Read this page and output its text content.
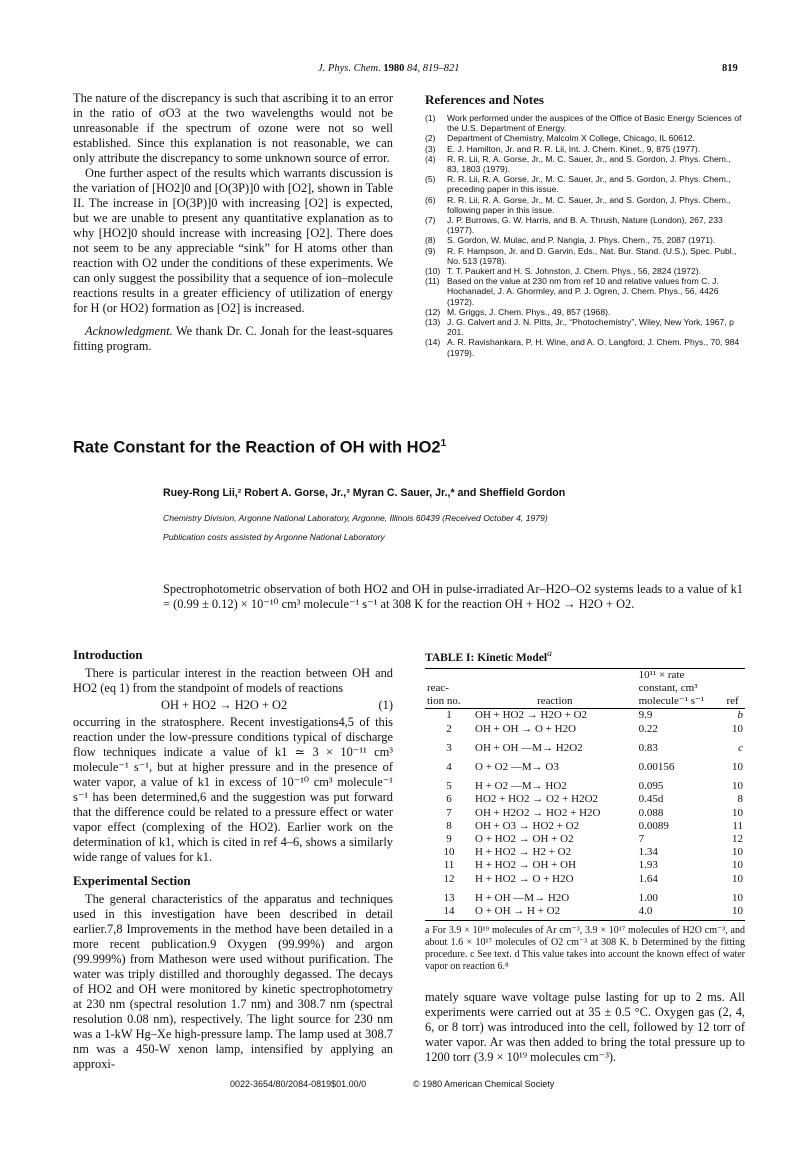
J. Phys. Chem. 1980 84, 819–821	819

The nature of the discrepancy is such that ascribing it to an error in the ratio of σO3 at the two wavelengths would not be unreasonable if the spectrum of ozone were not so well established. Since this explanation is not reasonable, we can only attribute the discrepancy to some unknown source of error.

One further aspect of the results which warrants discussion is the variation of [HO2]0 and [O(3P)]0 with [O2], shown in Table II. The increase in [O(3P)]0 with increasing [O2] is expected, but we are unable to present any quantitative explanation as to why [HO2]0 should increase with increasing [O2]. There does not seem to be any appreciable “sink” for H atoms other than reaction with O2 under the conditions of these experiments. We can only suggest the possibility that a sequence of ion–molecule reactions results in a greater efficiency of utilization of energy for H (or HO2) formation as [O2] is increased.

Acknowledgment. We thank Dr. C. Jonah for the least-squares fitting program.

References and Notes
(1)	Work performed under the auspices of the Office of Basic Energy Sciences of the U.S. Department of Energy.
(2)	Department of Chemistry, Malcolm X College, Chicago, IL 60612.
(3)	E. J. Hamilton, Jr. and R. R. Lii, Int. J. Chem. Kinet., 9, 875 (1977).
(4)	R. R. Lii, R. A. Gorse, Jr., M. C. Sauer, Jr., and S. Gordon, J. Phys. Chem., 83, 1803 (1979).
(5)	R. R. Lii, R. A. Gorse, Jr., M. C. Sauer, Jr., and S. Gordon, J. Phys. Chem., preceding paper in this issue.
(6)	R. R. Lii, R. A. Gorse, Jr., M. C. Sauer, Jr., and S. Gordon, J. Phys. Chem., following paper in this issue.
(7)	J. P. Burrows, G. W. Harris, and B. A. Thrush, Nature (London), 267, 233 (1977).
(8)	S. Gordon, W. Mulac, and P. Nangia, J. Phys. Chem., 75, 2087 (1971).
(9)	R. F. Hampson, Jr. and D. Garvin, Eds., Nat. Bur. Stand. (U.S.), Spec. Publ., No. 513 (1978).
(10) T. T. Paukert and H. S. Johnston, J. Chem. Phys., 56, 2824 (1972).
(11) Based on the value at 230 nm from ref 10 and relative values from C. J. Hochanadel, J. A. Ghormley, and P. J. Ogren, J. Chem. Phys., 56, 4426 (1972).
(12) M. Griggs, J. Chem. Phys., 49, 857 (1968).
(13) J. G. Calvert and J. N. Pitts, Jr., “Photochemistry”, Wiley, New York, 1967, p 201.
(14) A. R. Ravishankara, P. H. Wine, and A. O. Langford, J. Chem. Phys., 70, 984 (1979).
Rate Constant for the Reaction of OH with $HO2^1$
Ruey-Rong Lii,² Robert A. Gorse, Jr.,³ Myran C. Sauer, Jr.,* and Sheffield Gordon
Chemistry Division, Argonne National Laboratory, Argonne, Illinois 60439 (Received October 4, 1979)
Publication costs assisted by Argonne National Laboratory
Spectrophotometric observation of both HO2 and OH in pulse-irradiated Ar–H2O–O2 systems leads to a value of k1 = (0.99 ± 0.12) × 10⁻¹⁰ cm³ molecule⁻¹ s⁻¹ at 308 K for the reaction OH + HO2 → H2O + O2.
Introduction

There is particular interest in the reaction between OH and HO2 (eq 1) from the standpoint of models of reactions

OH + HO2 → H2O + O2	(1)

occurring in the stratosphere. Recent investigations4,5 of this reaction under the low-pressure conditions typical of discharge flow techniques indicate a value of k1 ≃ 3 × 10⁻¹¹ cm³ molecule⁻¹ s⁻¹, but at higher pressure and in the presence of water vapor, a value of k1 in excess of 10⁻¹⁰ cm³ molecule⁻¹ s⁻¹ has been determined,6 and the suggestion was put forward that the difference could be related to a pressure effect or water vapor effect (complexing of the HO2). Earlier work on the determination of k1, which is cited in ref 4–6, shows a similarly wide range of values for k1.

Experimental Section

The general characteristics of the apparatus and techniques used in this investigation have been described in detail earlier.7,8 Improvements in the method have been detailed in a more recent publication.9 Oxygen (99.99%) and argon (99.999%) from Matheson were used without purification. The water was triply distilled and thoroughly degassed. The decays of HO2 and OH were monitored by kinetic spectrophotometry at 230 nm (spectral resolution 1.7 nm) and 308.7 nm (spectral resolution 0.08 nm), respectively. The light source for 230 nm was a 1-kW Hg–Xe high-pressure lamp. The lamp used at 308.7 nm was a 450-W xenon lamp, intensified by applying an approxi-

TABLE I: Kinetic Model$^a$
reac-
tion no.	reaction	10¹¹ × rate
constant, cm³
molecule⁻¹ s⁻¹	ref
1	OH + HO2 → H2O + O2	9.9	b
2	OH + OH → O + H2O	0.22	10
3	OH + OH —M→ H2O2	0.83	c
4	O + O2 —M→ O3	0.00156	10
5	H + O2 —M→ HO2	0.095	10
6	HO2 + HO2 → O2 + H2O2	0.45d	8
7	OH + H2O2 → HO2 + H2O	0.088	10
8	OH + O3 → HO2 + O2	0.0089	11
9	O + HO2 → OH + O2	7	12
10	H + HO2 → H2 + O2	1.34	10
11	H + HO2 → OH + OH	1.93	10
12	H + HO2 → O + H2O	1.64	10
13	H + OH —M→ H2O	1.00	10
14	O + OH → H + O2	4.0	10
a For 3.9 × 10¹⁹ molecules of Ar cm⁻³, 3.9 × 10¹⁷ molecules of H2O cm⁻³, and about 1.6 × 10¹⁷ molecules of O2 cm⁻³ at 308 K. b Determined by the fitting procedure. c See text. d This value takes into account the known effect of water vapor on reaction 6.⁸

mately square wave voltage pulse lasting for up to 2 ms. All experiments were carried out at 35 ± 0.5 °C. Oxygen gas (2, 4, 6, or 8 torr) was introduced into the cell, followed by 12 torr of water vapor. Ar was then added to bring the total pressure up to 1200 torr (3.9 × 10¹⁹ molecules cm⁻³).

0022-3654/80/2084-0819$01.00/0	© 1980 American Chemical Society
